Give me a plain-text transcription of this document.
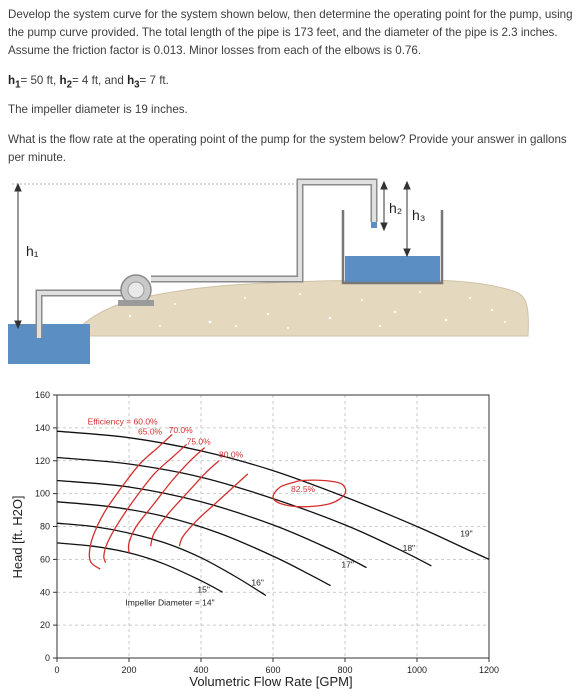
Develop the system curve for the system shown below, then determine the operating point for the pump, using the pump curve provided. The total length of the pipe is 173 feet, and the diameter of the pipe is 2.3 inches. Assume the friction factor is 0.013. Minor losses from each of the elbows is 0.76.

$h_1= 50$ ft, $h_2= 4$ ft, and $h_3= 7$ ft.

The impeller diameter is 19 inches.

What is the flow rate at the operating point of the pump for the system below? Provide your answer in gallons per minute.

h₁
h₂ h₃
0	200	400	600	800	1000	1200
0
20
40
60
80
100
120
140
160
Efficiency = 60.0%
65.0% 70.0%
75.0%
80.0%
82.5%
Impeller Diameter = 14"
15"
16"
17"
18"
19"
Volumetric Flow Rate [GPM]
Head [ft. H2O]
